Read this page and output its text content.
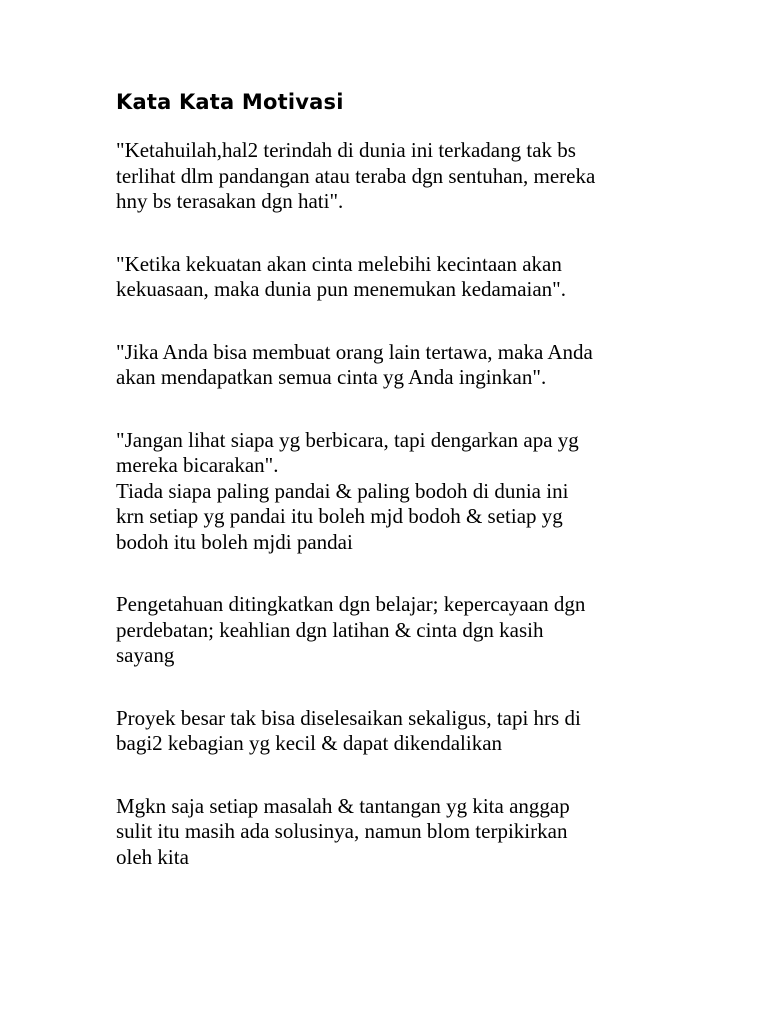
Kata Kata Motivasi

"Ketahuilah,hal2 terindah di dunia ini terkadang tak bs
terlihat dlm pandangan atau teraba dgn sentuhan, mereka
hny bs terasakan dgn hati".

"Ketika kekuatan akan cinta melebihi kecintaan akan
kekuasaan, maka dunia pun menemukan kedamaian".

"Jika Anda bisa membuat orang lain tertawa, maka Anda
akan mendapatkan semua cinta yg Anda inginkan".

"Jangan lihat siapa yg berbicara, tapi dengarkan apa yg
mereka bicarakan".
Tiada siapa paling pandai & paling bodoh di dunia ini
krn setiap yg pandai itu boleh mjd bodoh & setiap yg
bodoh itu boleh mjdi pandai

Pengetahuan ditingkatkan dgn belajar; kepercayaan dgn
perdebatan; keahlian dgn latihan & cinta dgn kasih
sayang

Proyek besar tak bisa diselesaikan sekaligus, tapi hrs di
bagi2 kebagian yg kecil & dapat dikendalikan

Mgkn saja setiap masalah & tantangan yg kita anggap
sulit itu masih ada solusinya, namun blom terpikirkan
oleh kita
